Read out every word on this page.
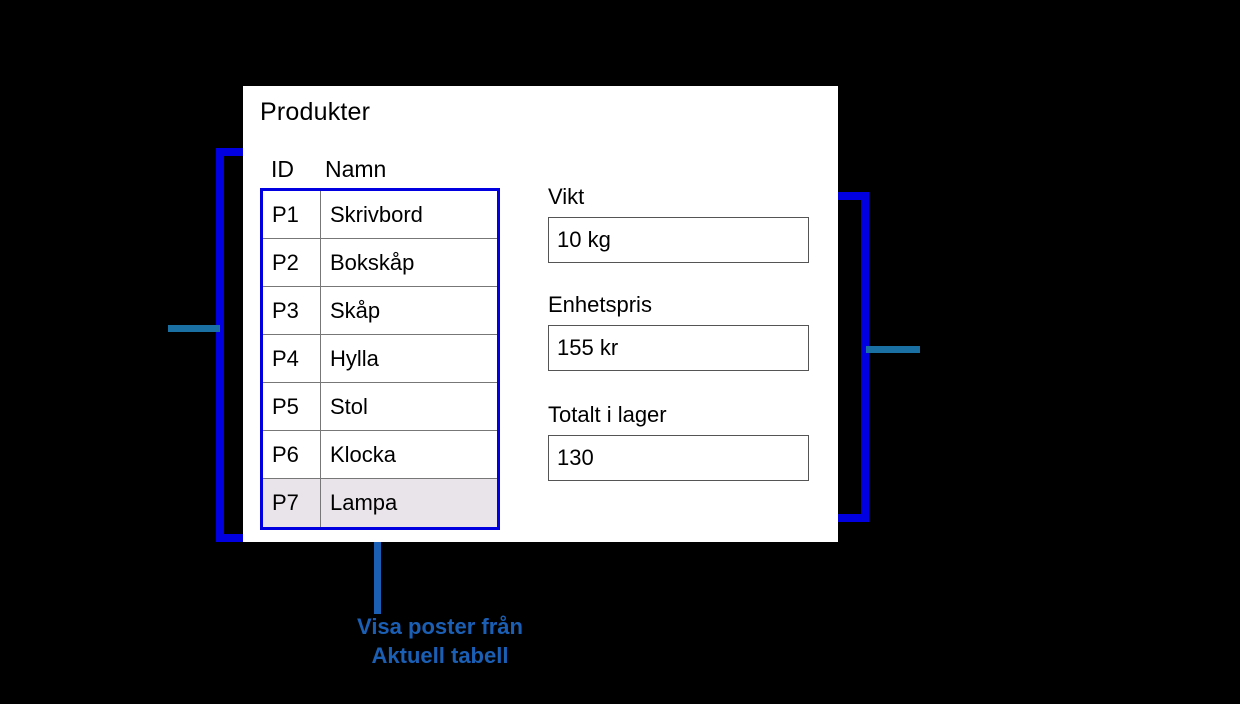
Produkter
ID Namn
P1	Skrivbord
P2	Bokskåp
P3	Skåp
P4	Hylla
P5	Stol
P6	Klocka
P7	Lampa
Vikt
10 kg
Enhetspris
155 kr
Totalt i lager
130
Visa poster från
Aktuell tabell
